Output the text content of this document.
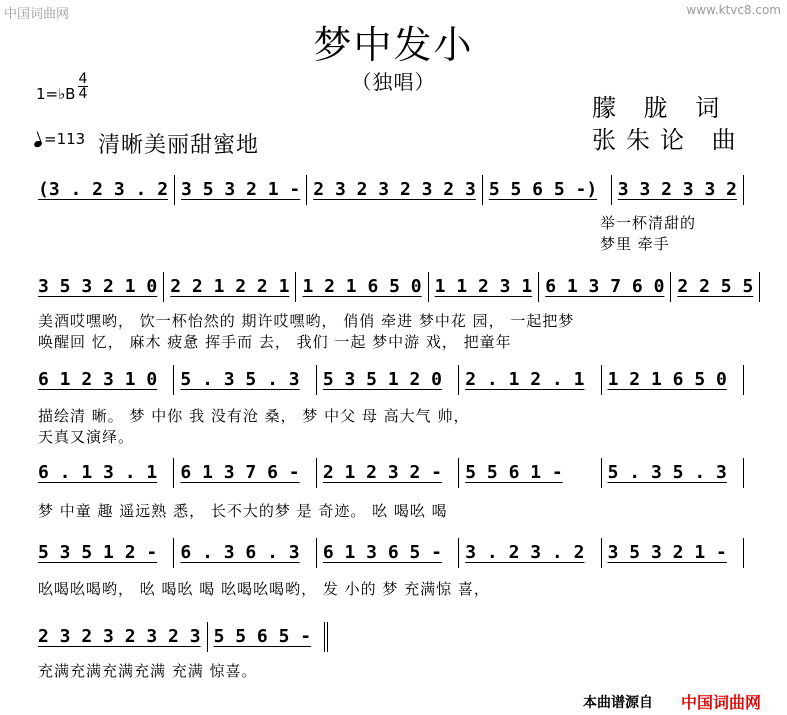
中国词曲网	www.ktvc8.com
梦中发小
（独唱）
朦 胧 词
张朱论 曲
1=♭B
4
4
=113 清晰美丽甜蜜地
(3 . 2 3 . 2 3 5 3 2 1 - 2 3 2 3 2 3 2 3 5 5 6 5 -)	3 3 2 3 3 2
举一杯清甜的
梦里 牵手
3 5 3 2 1 0 2 2 1 2 2 1 1 2 1 6 5 0 1 1 2 3 1 6 1 3 7 6 0 2 2 5 5
美酒哎嘿哟， 饮一杯怡然的 期许哎嘿哟， 俏俏 牵进 梦中花 园， 一起把梦
唤醒回 忆， 麻木 疲惫 挥手而 去， 我们 一起 梦中游 戏， 把童年
6 1 2 3 1 0	5 . 3 5 . 3	5 3 5 1 2 0	2 . 1 2 . 1	1 2 1 6 5 0
描绘清 晰。 梦 中你 我 没有沧 桑， 梦 中父 母 高大气 帅，
天真又演绎。
6 . 1 3 . 1	6 1 3 7 6 -	2 1 2 3 2 -	5 5 6 1 -	5 . 3 5 . 3
梦 中童 趣 遥远熟 悉， 长不大的梦 是 奇迹。 吆 喝吆 喝
5 3 5 1 2 -	6 . 3 6 . 3	6 1 3 6 5 -	3 . 2 3 . 2	3 5 3 2 1 -
吆喝吆喝哟， 吆 喝吆 喝 吆喝吆喝哟， 发 小的 梦 充满惊 喜，
2 3 2 3 2 3 2 3 5 5 6 5 -
充满充满充满充满 充满 惊喜。
本曲谱源自 中国词曲网
